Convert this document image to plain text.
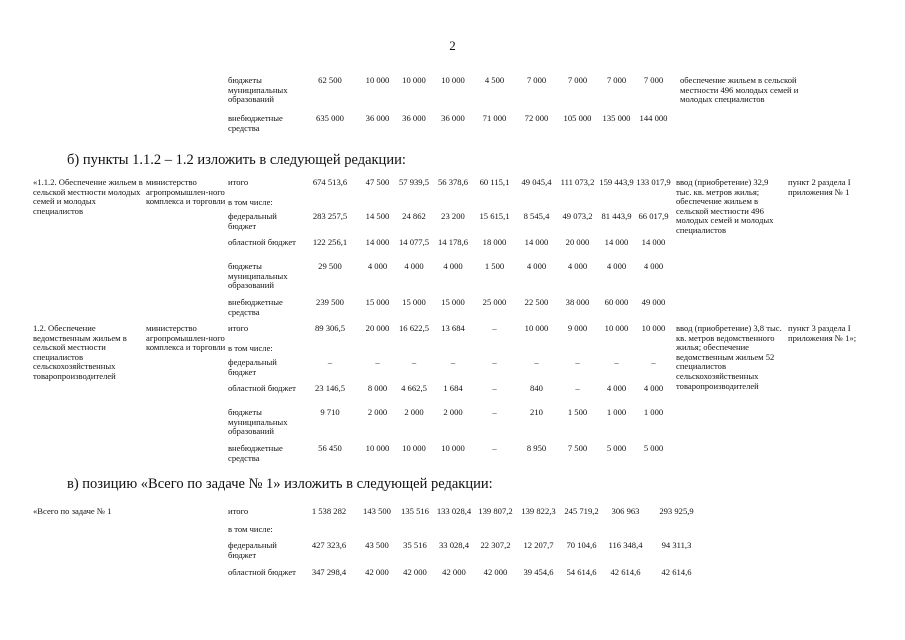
2
бюджеты муниципальных образований	62 500	10 000	10 000	10 000	4 500	7 000	7 000	7 000	7 000	обеспечение жильем в сельской местности 496 молодых семей и молодых специалистов
внебюджетные средства	635 000	36 000	36 000	36 000	71 000	72 000	105 000	135 000	144 000	
б) пункты 1.1.2 – 1.2 изложить в следующей редакции:
«1.1.2. Обеспечение жильем в сельской местности молодых семей и молодых специалистов	министерство агропромышлен-ного комплекса и торговли	итого	674 513,6	47 500	57 939,5	56 378,6	60 115,1	49 045,4	111 073,2	159 443,9	133 017,9	ввод (приобретение) 32,9 тыс. кв. метров жилья; обеспечение жильем в сельской местности 496 молодых семей и молодых специалистов	пункт 2 раздела I приложения № 1
		в том числе:											
		федеральный бюджет	283 257,5	14 500	24 862	23 200	15 615,1	8 545,4	49 073,2	81 443,9	66 017,9		
		областной бюджет	122 256,1	14 000	14 077,5	14 178,6	18 000	14 000	20 000	14 000	14 000		
		бюджеты муниципальных образований	29 500	4 000	4 000	4 000	1 500	4 000	4 000	4 000	4 000		
		внебюджетные средства	239 500	15 000	15 000	15 000	25 000	22 500	38 000	60 000	49 000		
1.2. Обеспечение ведомственным жильем в сельской местности специалистов сельскохозяйственных товаропроизводителей	министерство агропромышлен-ного комплекса и торговли	итого	89 306,5	20 000	16 622,5	13 684	–	10 000	9 000	10 000	10 000	ввод (приобретение) 3,8 тыс. кв. метров ведомственного жилья; обеспечение ведомственным жильем 52 специалистов сельскохозяйственных товаропроизводителей	пункт 3 раздела I приложения № 1»;
		в том числе:											
		федеральный бюджет	–	–	–	–	–	–	–	–	–		
		областной бюджет	23 146,5	8 000	4 662,5	1 684	–	840	–	4 000	4 000		
		бюджеты муниципальных образований	9 710	2 000	2 000	2 000	–	210	1 500	1 000	1 000		
		внебюджетные средства	56 450	10 000	10 000	10 000	–	8 950	7 500	5 000	5 000		
в) позицию «Всего по задаче № 1» изложить в следующей редакции:
«Всего по задаче № 1	итого	1 538 282	143 500	135 516	133 028,4	139 807,2	139 822,3	245 719,2	306 963	293 925,9
	в том числе:									
	федеральный бюджет	427 323,6	43 500	35 516	33 028,4	22 307,2	12 207,7	70 104,6	116 348,4	94 311,3
	областной бюджет	347 298,4	42 000	42 000	42 000	42 000	39 454,6	54 614,6	42 614,6	42 614,6
